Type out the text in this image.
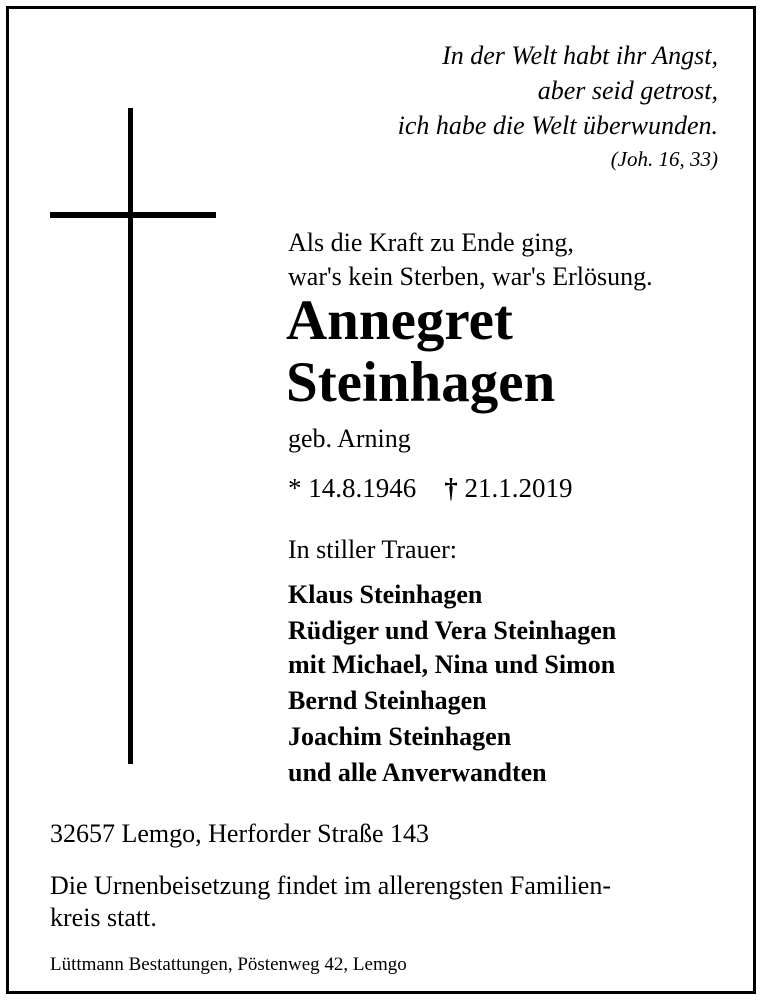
In der Welt habt ihr Angst,
aber seid getrost,
ich habe die Welt überwunden.
(Joh. 16, 33)
Als die Kraft zu Ende ging,
war's kein Sterben, war's Erlösung.
Annegret
Steinhagen
geb. Arning
* 14.8.1946 † 21.1.2019
In stiller Trauer:
Klaus Steinhagen
Rüdiger und Vera Steinhagen
mit Michael, Nina und Simon
Bernd Steinhagen
Joachim Steinhagen
und alle Anverwandten
32657 Lemgo, Herforder Straße 143
Die Urnenbeisetzung findet im allerengsten Familien-
kreis statt.
Lüttmann Bestattungen, Pöstenweg 42, Lemgo
